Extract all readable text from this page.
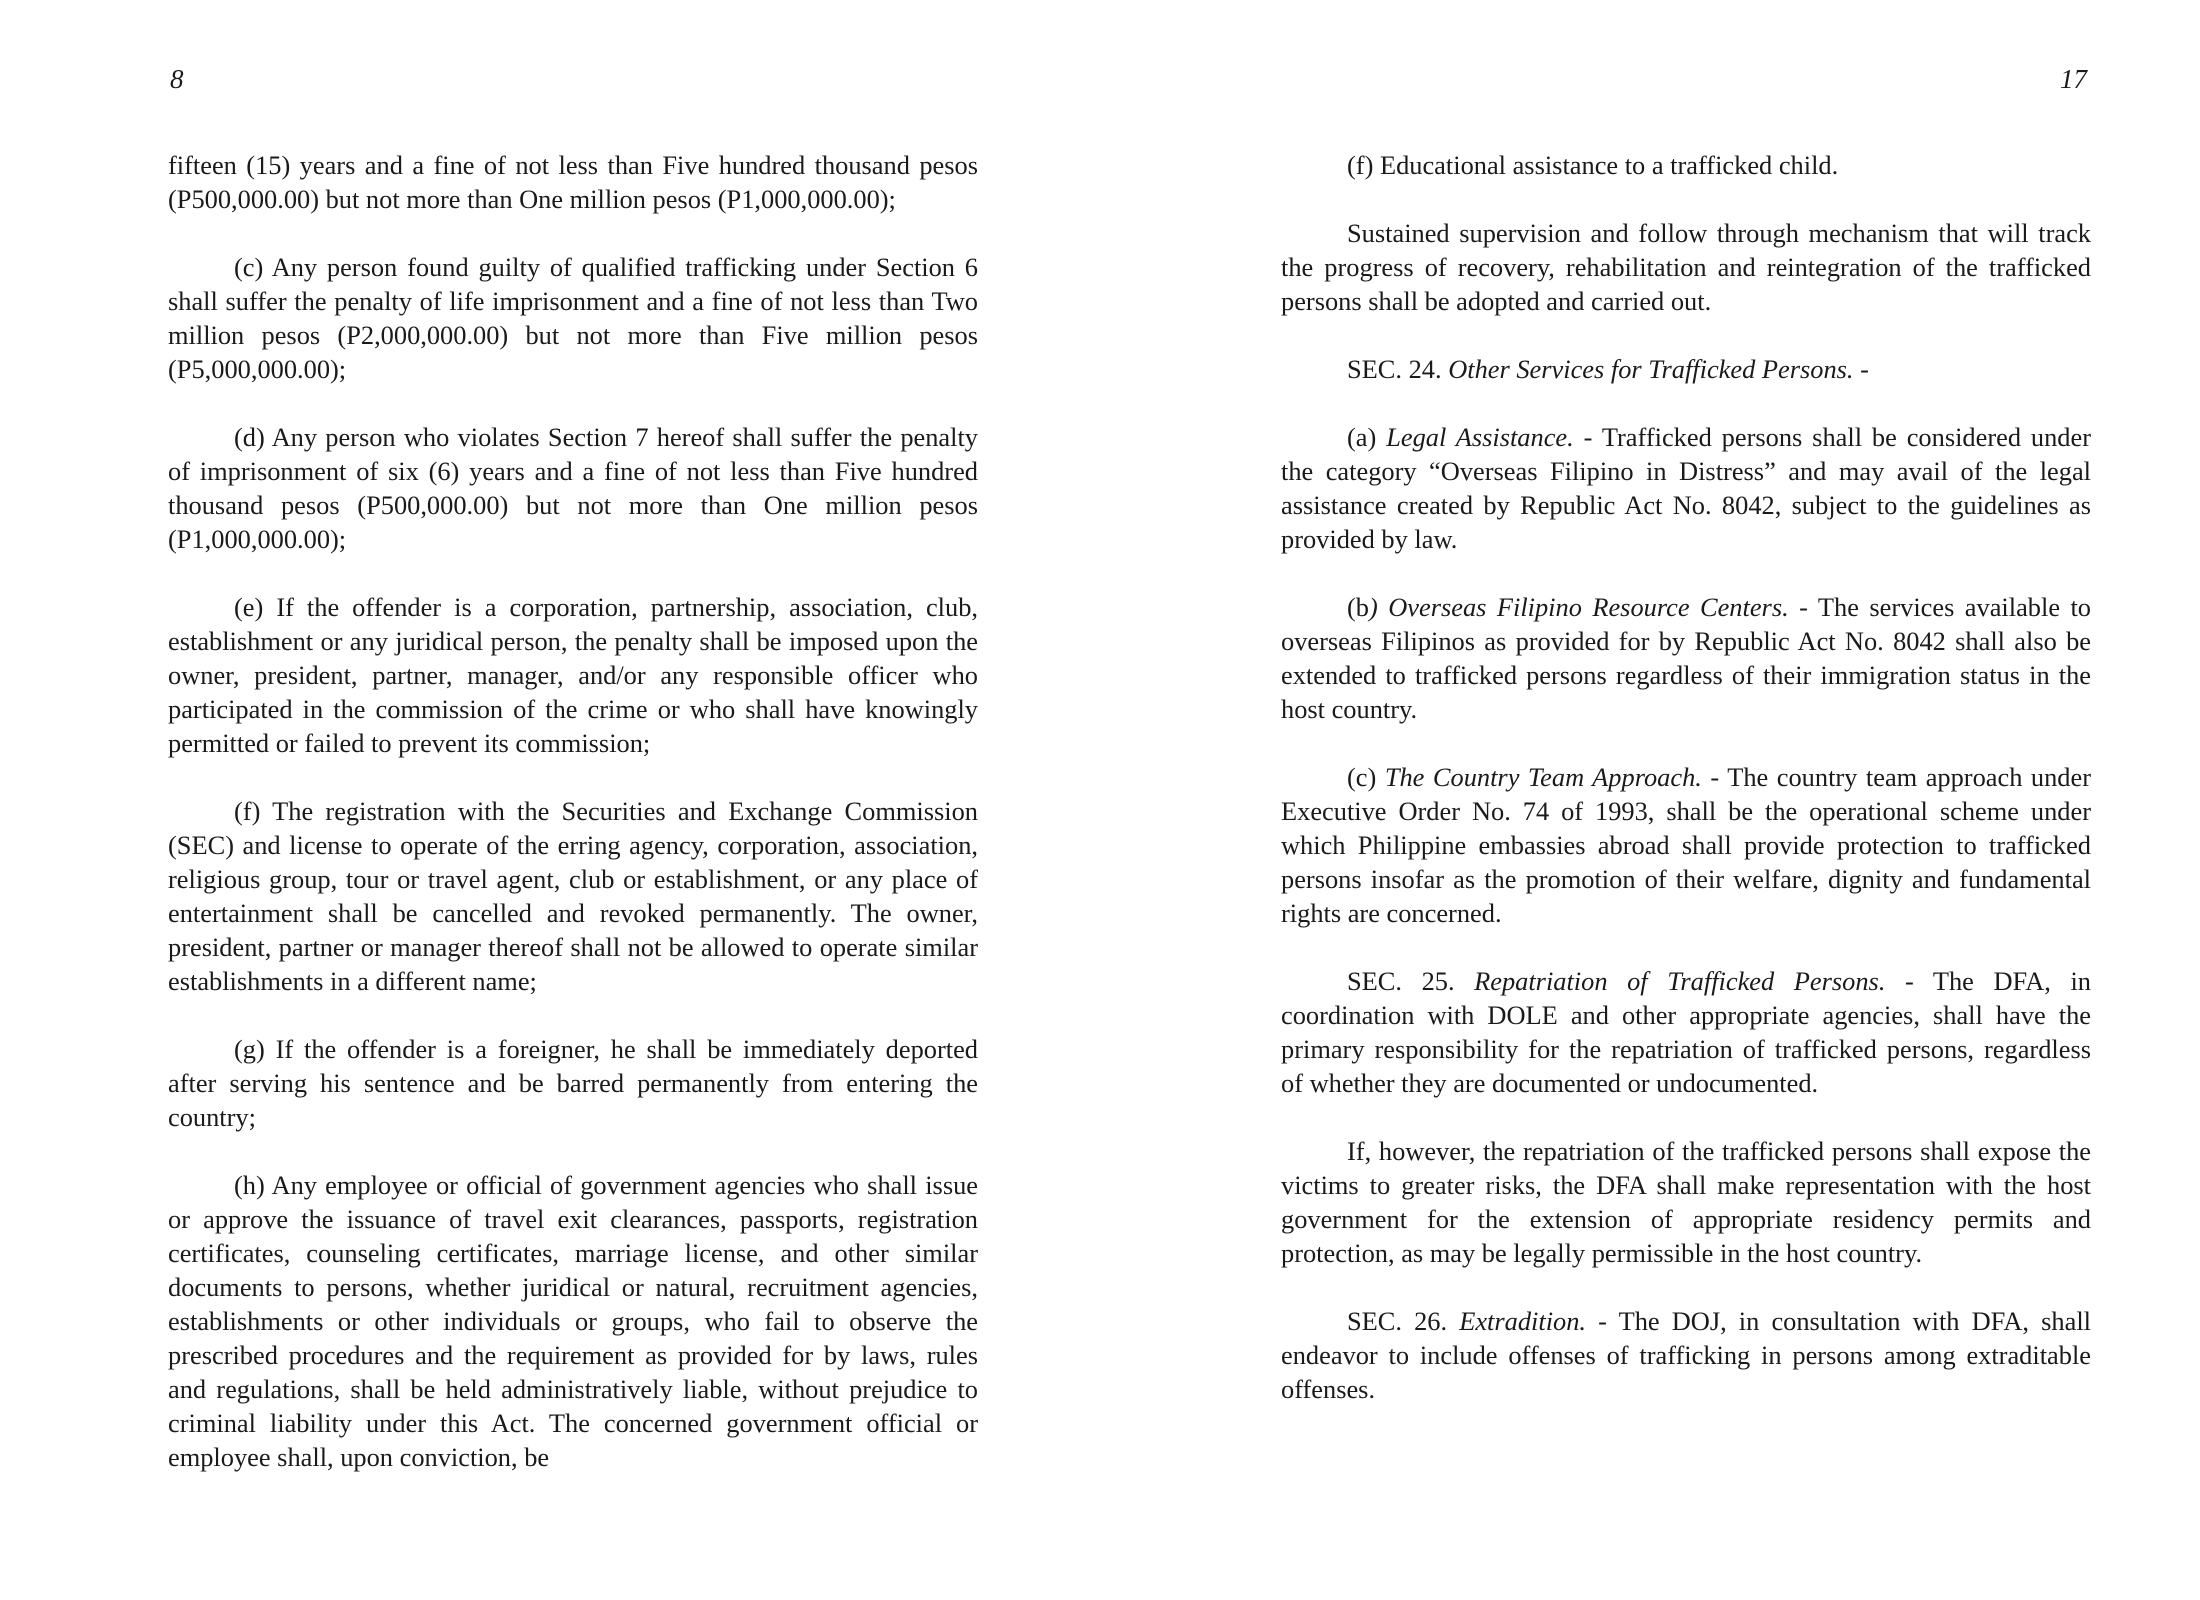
8

fifteen (15) years and a fine of not less than Five hundred thousand pesos (P500,000.00) but not more than One million pesos (P1,000,000.00);

(c) Any person found guilty of qualified trafficking under Section 6 shall suffer the penalty of life imprisonment and a fine of not less than Two million pesos (P2,000,000.00) but not more than Five million pesos (P5,000,000.00);

(d) Any person who violates Section 7 hereof shall suffer the penalty of imprisonment of six (6) years and a fine of not less than Five hundred thousand pesos (P500,000.00) but not more than One million pesos (P1,000,000.00);

(e) If the offender is a corporation, partnership, association, club, establishment or any juridical person, the penalty shall be imposed upon the owner, president, partner, manager, and/or any responsible officer who participated in the commission of the crime or who shall have knowingly permitted or failed to prevent its commission;

(f) The registration with the Securities and Exchange Commission (SEC) and license to operate of the erring agency, corporation, association, religious group, tour or travel agent, club or establishment, or any place of entertainment shall be cancelled and revoked permanently. The owner, president, partner or manager thereof shall not be allowed to operate similar establishments in a different name;

(g) If the offender is a foreigner, he shall be immediately deported after serving his sentence and be barred permanently from entering the country;

(h) Any employee or official of government agencies who shall issue or approve the issuance of travel exit clearances, passports, registration certificates, counseling certificates, marriage license, and other similar documents to persons, whether juridical or natural, recruitment agencies, establishments or other individuals or groups, who fail to observe the prescribed procedures and the requirement as provided for by laws, rules and regulations, shall be held administratively liable, without prejudice to criminal liability under this Act. The concerned government official or employee shall, upon conviction, be

17

(f) Educational assistance to a trafficked child.

Sustained supervision and follow through mechanism that will track the progress of recovery, rehabilitation and reintegration of the trafficked persons shall be adopted and carried out.

SEC. 24. Other Services for Trafficked Persons. -

(a) Legal Assistance. - Trafficked persons shall be considered under the category “Overseas Filipino in Distress” and may avail of the legal assistance created by Republic Act No. 8042, subject to the guidelines as provided by law.

(b) Overseas Filipino Resource Centers. - The services available to overseas Filipinos as provided for by Republic Act No. 8042 shall also be extended to trafficked persons regardless of their immigration status in the host country.

(c) The Country Team Approach. - The country team approach under Executive Order No. 74 of 1993, shall be the operational scheme under which Philippine embassies abroad shall provide protection to trafficked persons insofar as the promotion of their welfare, dignity and fundamental rights are concerned.

SEC. 25. Repatriation of Trafficked Persons. - The DFA, in coordination with DOLE and other appropriate agencies, shall have the primary responsibility for the repatriation of trafficked persons, regardless of whether they are documented or undocumented.

If, however, the repatriation of the trafficked persons shall expose the victims to greater risks, the DFA shall make representation with the host government for the extension of appropriate residency permits and protection, as may be legally permissible in the host country.

SEC. 26. Extradition. - The DOJ, in consultation with DFA, shall endeavor to include offenses of trafficking in persons among extraditable offenses.
